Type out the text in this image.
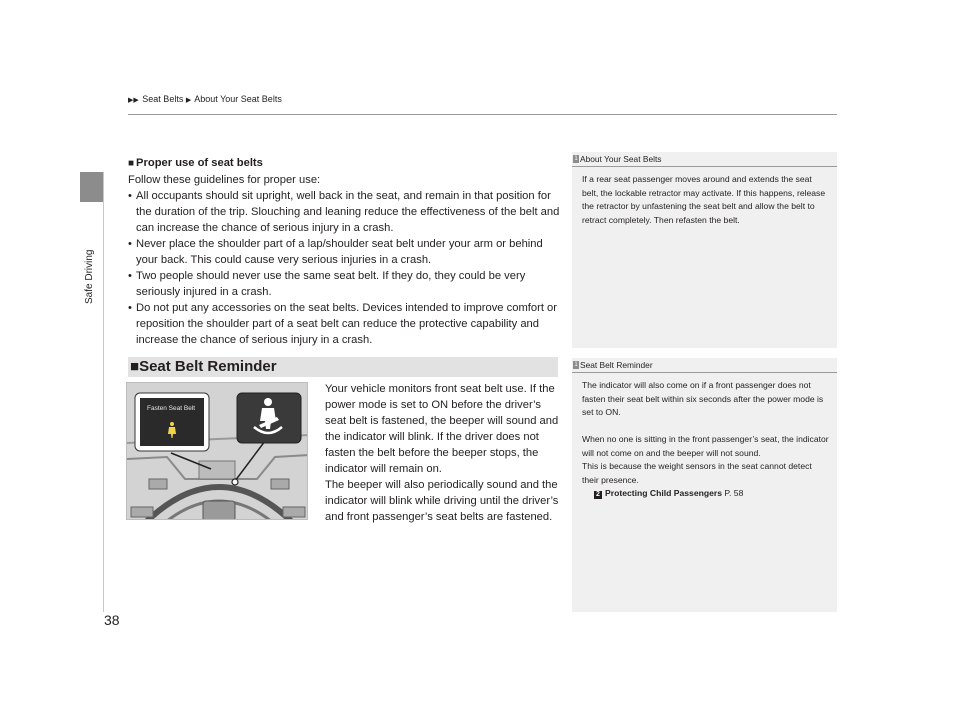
Safe Driving
▶▶ Seat Belts ▶ About Your Seat Belts
■ Proper use of seat belts
Follow these guidelines for proper use:
• All occupants should sit upright, well back in the seat, and remain in that position for the duration of the trip. Slouching and leaning reduce the effectiveness of the belt and can increase the chance of serious injury in a crash.
• Never place the shoulder part of a lap/shoulder seat belt under your arm or behind your back. This could cause very serious injuries in a crash.
• Two people should never use the same seat belt. If they do, they could be very seriously injured in a crash.
• Do not put any accessories on the seat belts. Devices intended to improve comfort or reposition the shoulder part of a seat belt can reduce the protective capability and increase the chance of serious injury in a crash.
■Seat Belt Reminder
Fasten Seat Belt

Your vehicle monitors front seat belt use. If the power mode is set to ON before the driver’s seat belt is fastened, the beeper will sound and the indicator will blink. If the driver does not fasten the belt before the beeper stops, the indicator will remain on.

The beeper will also periodically sound and the indicator will blink while driving until the driver’s and front passenger’s seat belts are fastened.

1 About Your Seat Belts

If a rear seat passenger moves around and extends the seat belt, the lockable retractor may activate. If this happens, release the retractor by unfastening the seat belt and allow the belt to retract completely. Then refasten the belt.

1 Seat Belt Reminder

The indicator will also come on if a front passenger does not fasten their seat belt within six seconds after the power mode is set to ON.

When no one is sitting in the front passenger’s seat, the indicator will not come on and the beeper will not sound.

This is because the weight sensors in the seat cannot detect their presence.

2 Protecting Child Passengers P. 58
38
